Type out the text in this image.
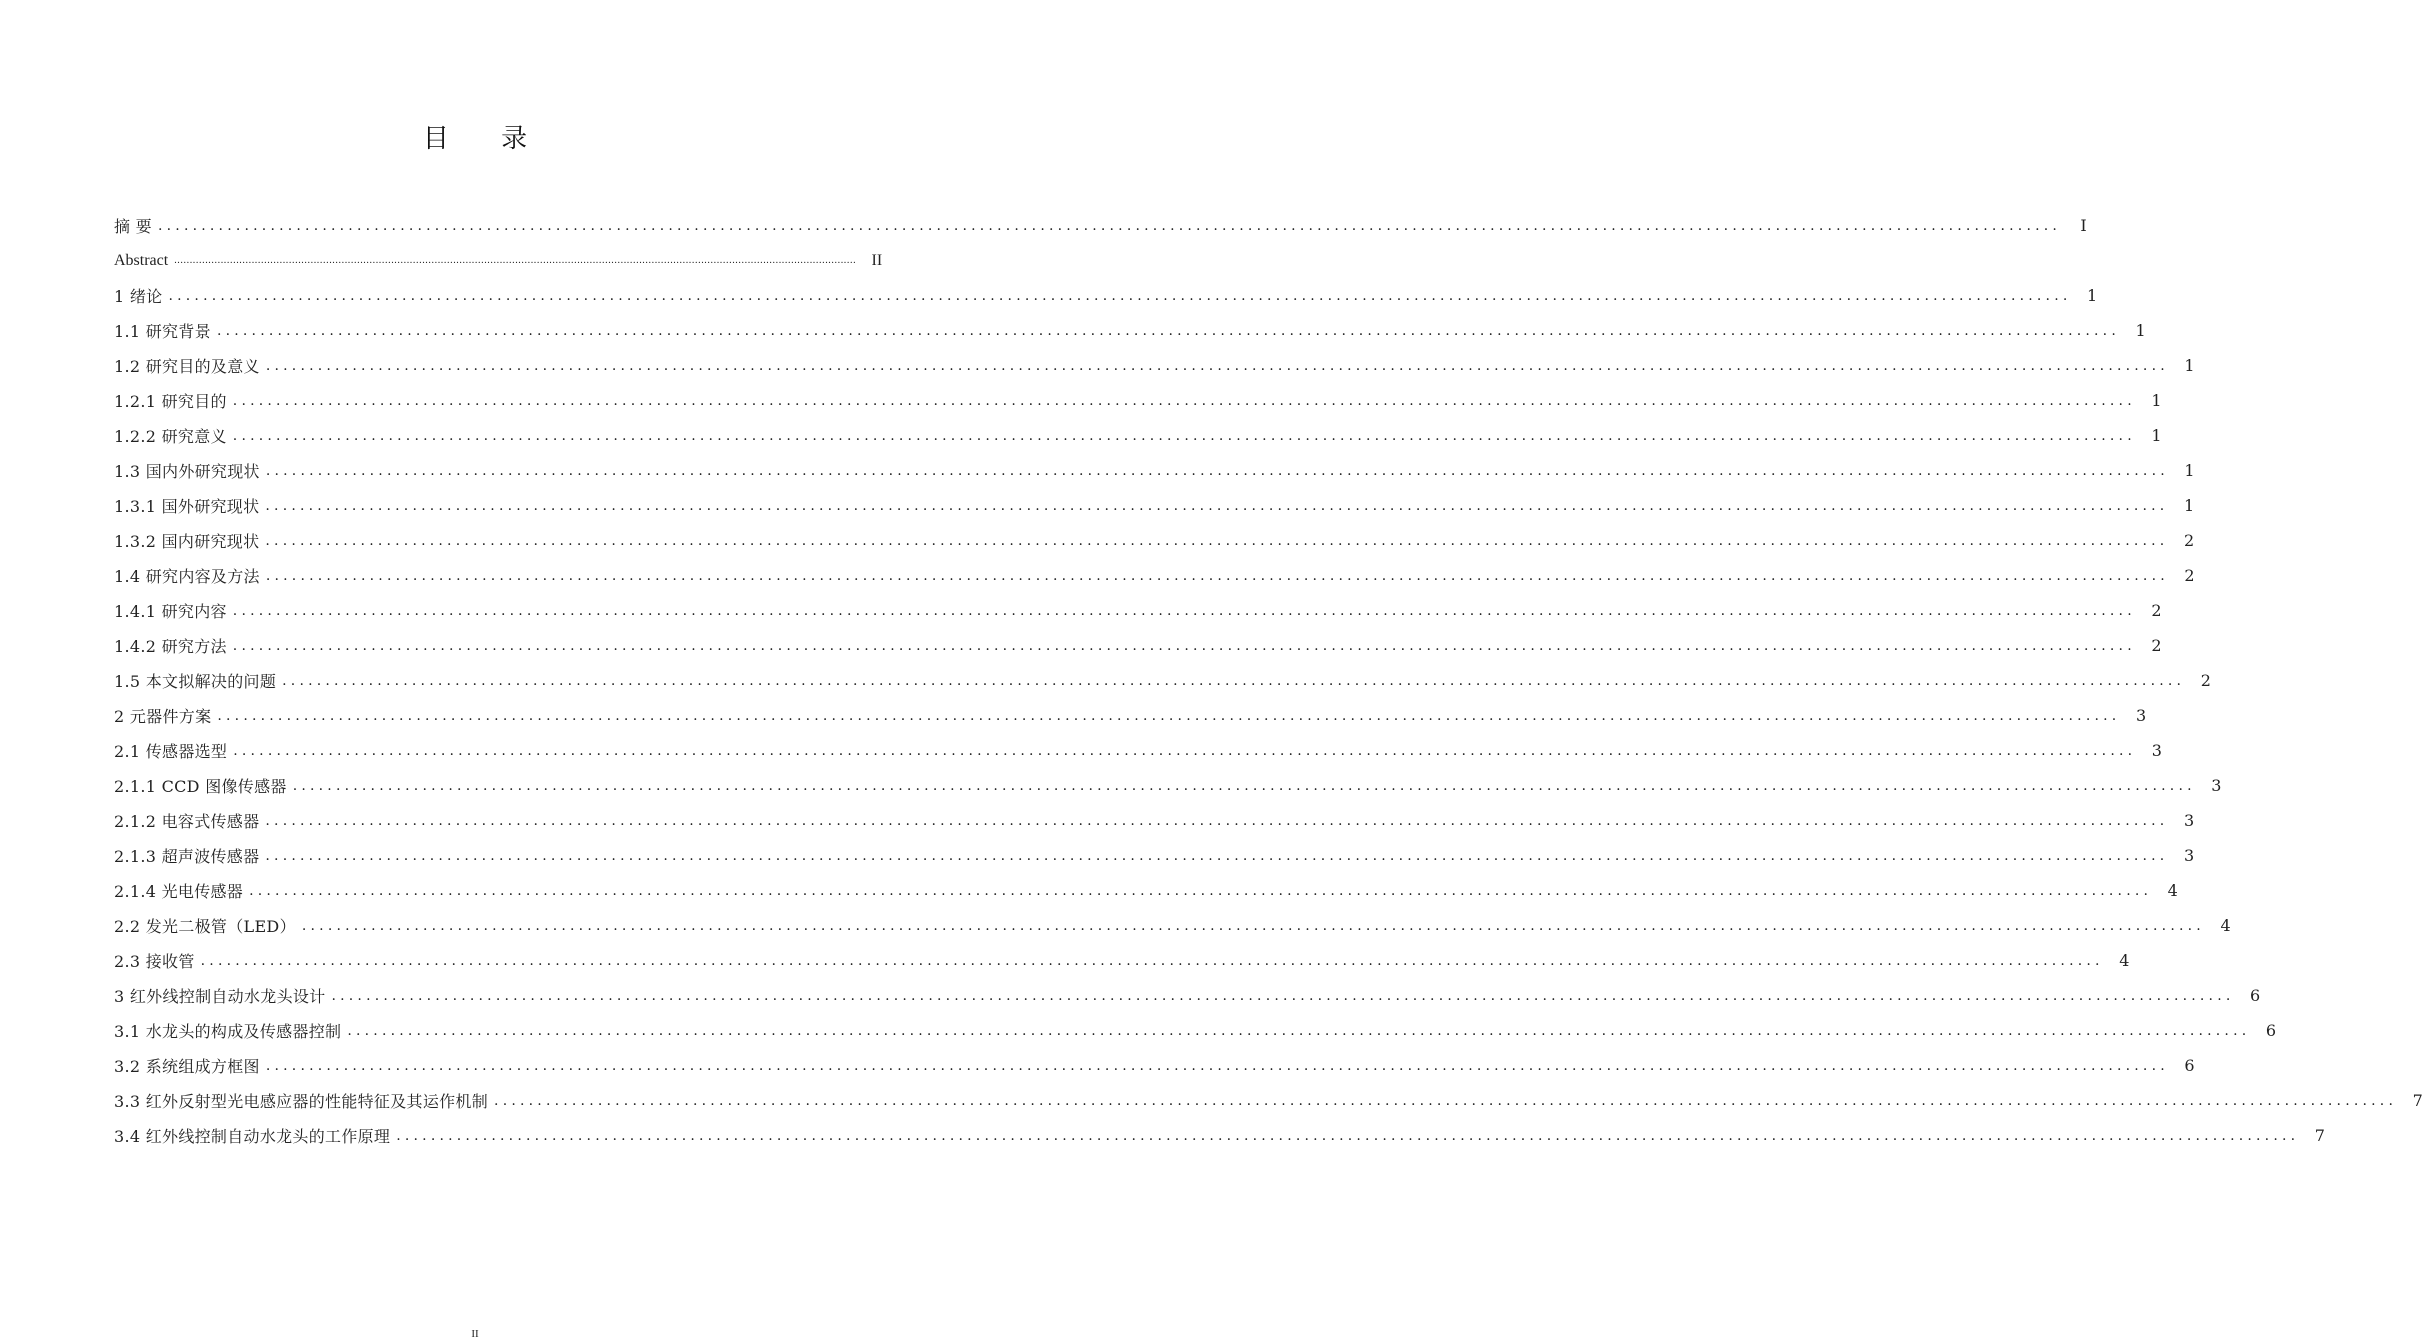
目 录
摘 要 ............................................................................................................................................................................................................................	I
Abstract ............................................................................................................................................................................................................................ II
1 绪论 ............................................................................................................................................................................................................................ 1
1.1 研究背景 ............................................................................................................................................................................................................................ 1
1.2 研究目的及意义 ............................................................................................................................................................................................................................ 1
1.2.1 研究目的 ............................................................................................................................................................................................................................ 1
1.2.2 研究意义 ............................................................................................................................................................................................................................ 1
1.3 国内外研究现状 ............................................................................................................................................................................................................................ 1
1.3.1 国外研究现状 ............................................................................................................................................................................................................................ 1
1.3.2 国内研究现状 ............................................................................................................................................................................................................................ 2
1.4 研究内容及方法 ............................................................................................................................................................................................................................ 2
1.4.1 研究内容 ............................................................................................................................................................................................................................ 2
1.4.2 研究方法 ............................................................................................................................................................................................................................ 2
1.5 本文拟解决的问题 ............................................................................................................................................................................................................................ 2
2 元器件方案 ............................................................................................................................................................................................................................ 3
2.1 传感器选型 ............................................................................................................................................................................................................................ 3
2.1.1 CCD 图像传感器 ............................................................................................................................................................................................................................ 3
2.1.2 电容式传感器 ............................................................................................................................................................................................................................ 3
2.1.3 超声波传感器 ............................................................................................................................................................................................................................ 3
2.1.4 光电传感器 ............................................................................................................................................................................................................................ 4
2.2 发光二极管（LED） ............................................................................................................................................................................................................................ 4
2.3 接收管 ............................................................................................................................................................................................................................ 4
3 红外线控制自动水龙头设计 ............................................................................................................................................................................................................................ 6
3.1 水龙头的构成及传感器控制 ............................................................................................................................................................................................................................ 6
3.2 系统组成方框图 ............................................................................................................................................................................................................................ 6
3.3 红外反射型光电感应器的性能特征及其运作机制 ............................................................................................................................................................................................................................ 7
3.4 红外线控制自动水龙头的工作原理 ............................................................................................................................................................................................................................ 7
II
